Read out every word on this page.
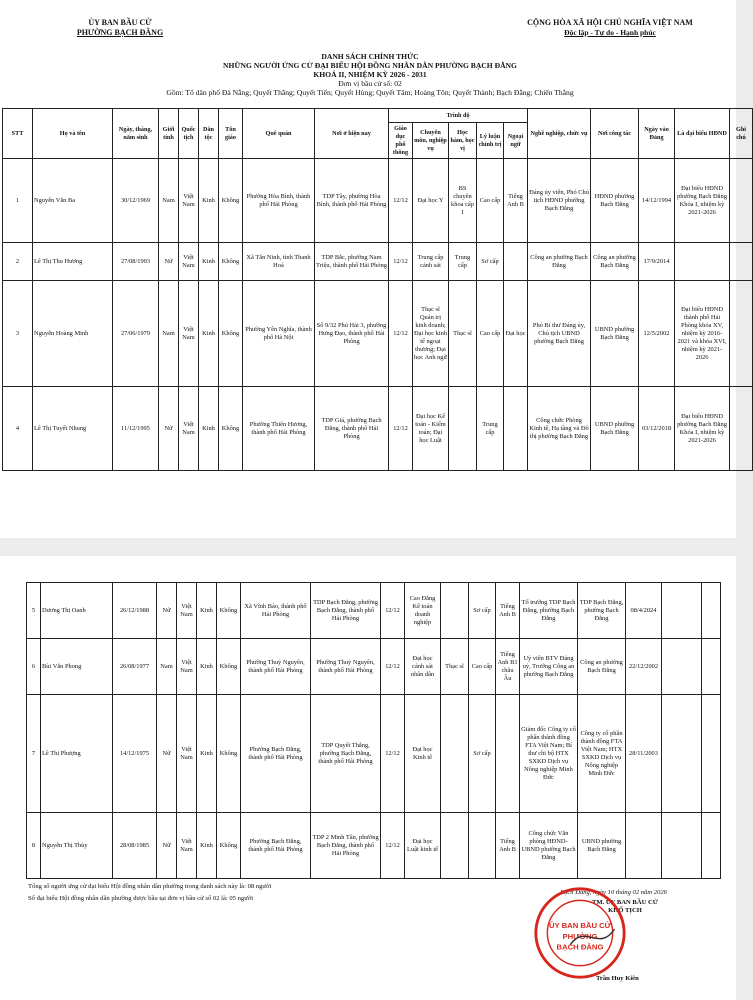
ỦY BAN BẦU CỬ
PHƯỜNG BẠCH ĐẰNG
CỘNG HÒA XÃ HỘI CHỦ NGHĨA VIỆT NAM
Độc lập - Tự do - Hạnh phúc
DANH SÁCH CHÍNH THỨC
NHỮNG NGƯỜI ỨNG CỬ ĐẠI BIỂU HỘI ĐỒNG NHÂN DÂN PHƯỜNG BẠCH ĐẰNG
KHOÁ II, NHIỆM KỲ 2026 - 2031
Đơn vị bầu cử số: 02
Gồm: Tổ dân phố Đà Nẵng; Quyết Thắng; Quyết Tiến; Quyết Hùng; Quyết Tâm; Hoàng Tôn; Quyết Thành; Bạch Đằng; Chiến Thắng
STT	Họ và tên	Ngày, tháng, năm sinh	Giới tính	Quốc tịch	Dân tộc	Tôn giáo	Quê quán	Nơi ở hiện nay	Trình độ					Nghề nghiệp, chức vụ	Nơi công tác	Ngày vào Đảng	Là đại biểu HĐND	Ghi chú
									Giáo dục phổ thông	Chuyên môn, nghiệp vụ	Học hàm, học vị	Lý luận chính trị	Ngoại ngữ					
1	Nguyễn Văn Ba	30/12/1969	Nam	Việt Nam	Kinh	Không	Phường Hòa Bình, thành phố Hải Phòng	TDP Tây, phường Hòa Bình, thành phố Hải Phòng	12/12	Đại học Y	BS chuyên khoa cấp I	Cao cấp	Tiếng Anh B	Đảng ủy viên, Phó Chủ tịch HĐND phường Bạch Đằng	HĐND phường Bạch Đằng	14/12/1994	Đại biểu HĐND phường Bạch Đằng Khóa I, nhiệm kỳ 2021-2026	
2	Lê Thị Thu Hương	27/08/1993	Nữ	Việt Nam	Kinh	Không	Xã Tân Ninh, tỉnh Thanh Hoá	TDP Bắc, phường Nam Triệu, thành phố Hải Phòng	12/12	Trung cấp cảnh sát	Trung cấp	Sơ cấp		Công an phường Bạch Đằng	Công an phường Bạch Đằng	17/9/2014		
3	Nguyễn Hoàng Minh	27/06/1979	Nam	Việt Nam	Kinh	Không	Phường Yên Nghĩa, thành phố Hà Nội	Số 9/32 Phú Hải 3, phường Hưng Đạo, thành phố Hải Phòng	12/12	Thạc sĩ Quản trị kinh doanh; Đại học kinh tế ngoại thương; Đại học Anh ngữ	Thạc sĩ	Cao cấp	Đại học	Phó Bí thư Đảng ủy, Chủ tịch UBND phường Bạch Đằng	UBND phường Bạch Đằng	12/5/2002	Đại biểu HĐND thành phố Hải Phòng khóa XV, nhiệm kỳ 2016-2021 và khóa XVI, nhiệm kỳ 2021-2026	
4	Lê Thị Tuyết Nhung	11/12/1995	Nữ	Việt Nam	Kinh	Không	Phường Thiên Hương, thành phố Hải Phòng	TDP Giá, phường Bạch Đằng, thành phố Hải Phòng	12/12	Đại học Kế toán - Kiểm toán; Đại học Luật		Trung cấp		Công chức Phòng Kinh tế, Hạ tầng và Đô thị phường Bạch Đằng	UBND phường Bạch Đằng	03/12/2018	Đại biểu HĐND phường Bạch Đằng Khóa I, nhiệm kỳ 2021-2026	
5	Dương Thị Oanh	26/12/1988	Nữ	Việt Nam	Kinh	Không	Xã Vĩnh Bảo, thành phố Hải Phòng	TDP Bạch Đằng, phường Bạch Đằng, thành phố Hải Phòng	12/12	Cao Đẳng Kế toán doanh nghiệp		Sơ cấp	Tiếng Anh B	Tổ trưởng TDP Bạch Đằng, phường Bạch Đằng	TDP Bạch Đằng, phường Bạch Đằng	08/4/2024		
6	Bùi Văn Phong	26/08/1977	Nam	Việt Nam	Kinh	Không	Phường Thuỷ Nguyên, thành phố Hải Phòng	Phường Thuỷ Nguyên, thành phố Hải Phòng	12/12	Đại học cảnh sát nhân dân	Thạc sĩ	Cao cấp	Tiếng Anh B1 châu Âu	Uỷ viên BTV Đảng uỷ, Trưởng Công an phường Bạch Đằng	Công an phường Bạch Đằng	22/12/2002		
7	Lê Thị Phượng	14/12/1975	Nữ	Việt Nam	Kinh	Không	Phường Bạch Đằng, thành phố Hải Phòng	TDP Quyết Thắng, phường Bạch Đằng, thành phố Hải Phòng	12/12	Đại học Kinh tế		Sơ cấp		Giám đốc Công ty cổ phần thành đồng FTA Việt Nam; Bí thư chi bộ HTX SXKD Dịch vụ Nông nghiệp Minh Đức	Công ty cổ phần thành đồng FTA Việt Nam; HTX SXKD Dịch vụ Nông nghiệp Minh Đức	28/11/2003		
8	Nguyễn Thị Thùy	28/08/1985	Nữ	Việt Nam	Kinh	Không	Phường Bạch Đằng, thành phố Hải Phòng	TDP 2 Minh Tân, phường Bạch Đằng, thành phố Hải Phòng	12/12	Đại học Luật kinh tế			Tiếng Anh B	Công chức Văn phòng HĐND-UBND phường Bạch Đằng	UBND phường Bạch Đằng			
Tổng số người ứng cử đại biểu Hội đồng nhân dân phường trong danh sách này là: 08 người
Số đại biểu Hội đồng nhân dân phường được bầu tại đơn vị bầu cử số 02 là: 05 người
Bạch Đằng, ngày 10 tháng 02 năm 2026
TM. ỦY BAN BẦU CỬ
KHỐ TỊCH
ỦY BAN BẦU CỬ
PHƯỜNG
BẠCH ĐẰNG
Trần Huy Kiên
